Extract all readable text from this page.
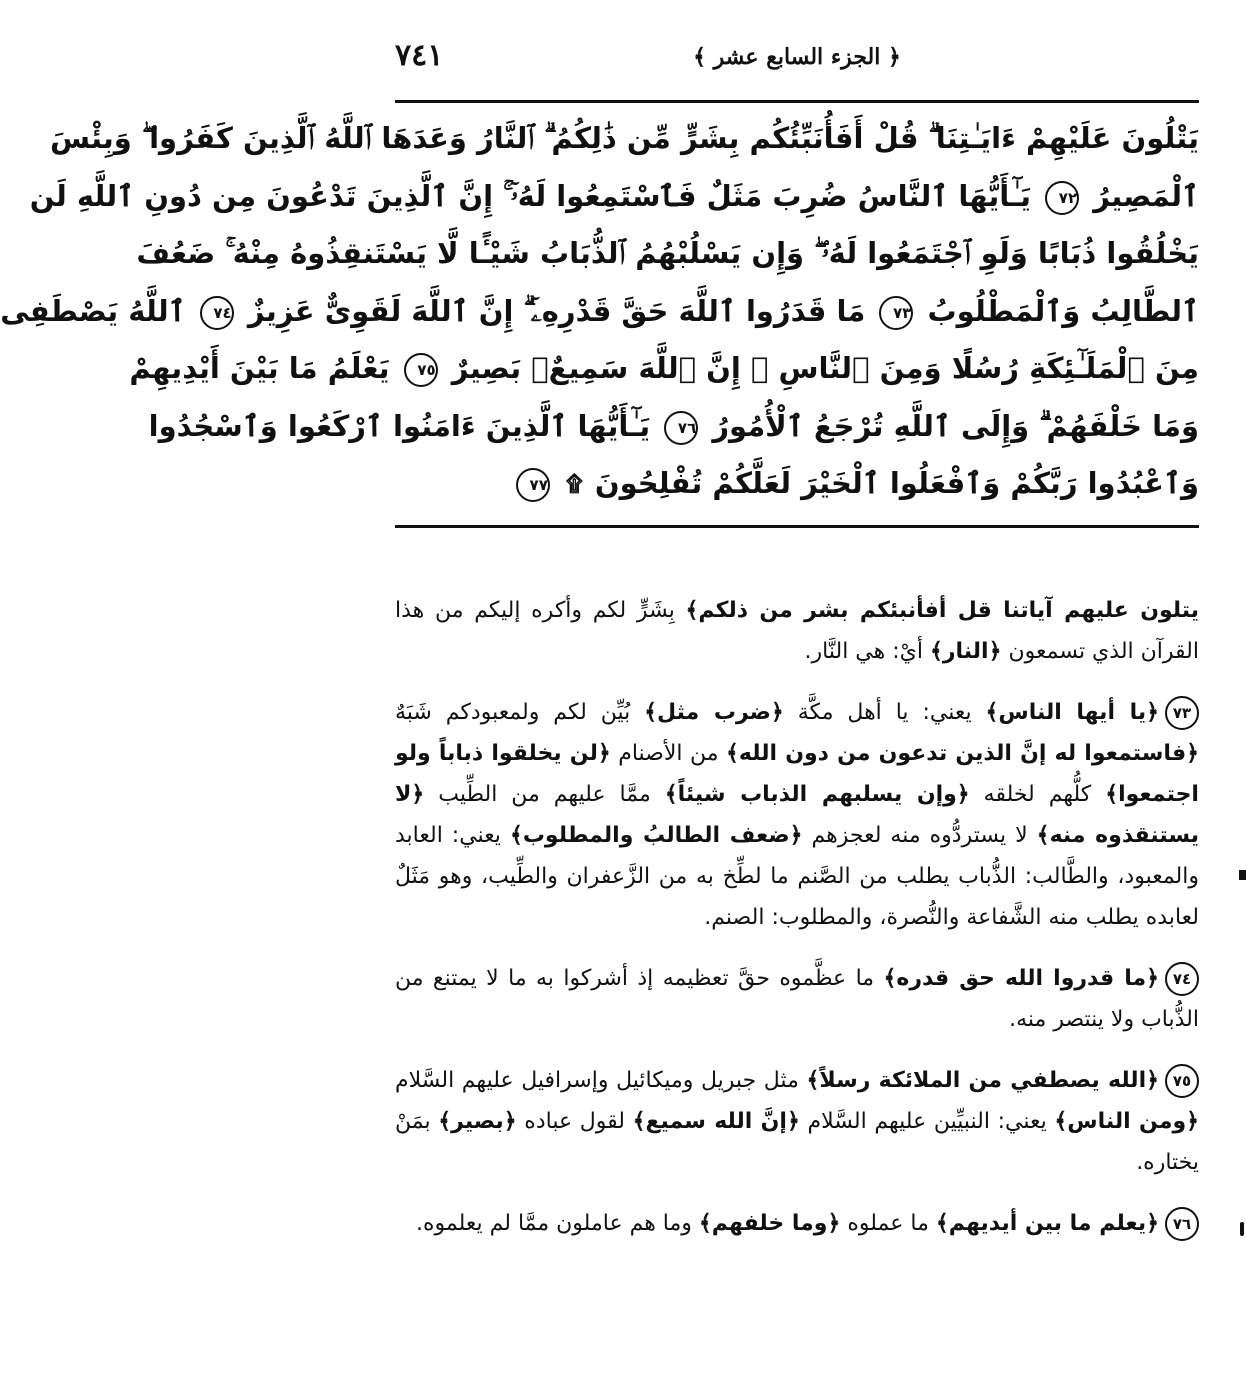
٧٤١	﴿ الجزء السابع عشر ﴾
يَتْلُونَ عَلَيْهِمْ ءَايَـٰتِنَا ۗ قُلْ أَفَأُنَبِّئُكُم بِشَرٍّ مِّن ذَٰلِكُمُ ۗ ٱلنَّارُ وَعَدَهَا ٱللَّهُ ٱلَّذِينَ كَفَرُوا ۖ وَبِئْسَ
ٱلْمَصِيرُ ٧٢ يَـٰٓأَيُّهَا ٱلنَّاسُ ضُرِبَ مَثَلٌ فَٱسْتَمِعُوا لَهُۥٓ ۚ إِنَّ ٱلَّذِينَ تَدْعُونَ مِن دُونِ ٱللَّهِ لَن
يَخْلُقُوا ذُبَابًا وَلَوِ ٱجْتَمَعُوا لَهُۥ ۖ وَإِن يَسْلُبْهُمُ ٱلذُّبَابُ شَيْـًٔا لَّا يَسْتَنقِذُوهُ مِنْهُ ۚ ضَعُفَ
ٱلطَّالِبُ وَٱلْمَطْلُوبُ ٧٣ مَا قَدَرُوا ٱللَّهَ حَقَّ قَدْرِهِۦٓ ۗ إِنَّ ٱللَّهَ لَقَوِىٌّ عَزِيزٌ ٧٤ ٱللَّهُ يَصْطَفِى
مِنَ ٱلْمَلَـٰٓئِكَةِ رُسُلًا وَمِنَ ٱلنَّاسِ ۚ إِنَّ ٱللَّهَ سَمِيعٌۢ بَصِيرٌ ٧٥ يَعْلَمُ مَا بَيْنَ أَيْدِيهِمْ
وَمَا خَلْفَهُمْ ۗ وَإِلَى ٱللَّهِ تُرْجَعُ ٱلْأُمُورُ ٧٦ يَـٰٓأَيُّهَا ٱلَّذِينَ ءَامَنُوا ٱرْكَعُوا وَٱسْجُدُوا
وَٱعْبُدُوا رَبَّكُمْ وَٱفْعَلُوا ٱلْخَيْرَ لَعَلَّكُمْ تُفْلِحُونَ ۩ ٧٧

يتلون عليهم آياتنا قل أفأنبئكم بشر من ذلكم﴾ بِشَرٍّ لكم وأكره إليكم من هذا القرآن الذي تسمعون ﴿النار﴾ أيْ: هي النَّار.

٧٣﴿يا أيها الناس﴾ يعني: يا أهل مكَّة ﴿ضرب مثل﴾ بُيِّن لكم ولمعبودكم شَبَهٌ ﴿فاستمعوا له إنَّ الذين تدعون من دون الله﴾ من الأصنام ﴿لن يخلقوا ذباباً ولو اجتمعوا﴾ كلُّهم لخلقه ﴿وإن يسلبهم الذباب شيئاً﴾ ممَّا عليهم من الطِّيب ﴿لا يستنقذوه منه﴾ لا يستردُّوه منه لعجزهم ﴿ضعف الطالبُ والمطلوب﴾ يعني: العابد والمعبود، والطَّالب: الذُّباب يطلب من الصَّنم ما لطِّخ به من الزَّعفران والطِّيب، وهو مَثَلٌ لعابده يطلب منه الشَّفاعة والنُّصرة، والمطلوب: الصنم.

٧٤﴿ما قدروا الله حق قدره﴾ ما عظَّموه حقَّ تعظيمه إذ أشركوا به ما لا يمتنع من الذُّباب ولا ينتصر منه.

٧٥﴿الله يصطفي من الملائكة رسلاً﴾ مثل جبريل وميكائيل وإسرافيل عليهم السَّلام ﴿ومن الناس﴾ يعني: النبيِّين عليهم السَّلام ﴿إنَّ الله سميع﴾ لقول عباده ﴿بصير﴾ بمَنْ يختاره.

٧٦﴿يعلم ما بين أيديهم﴾ ما عملوه ﴿وما خلفهم﴾ وما هم عاملون ممَّا لم يعلموه.
